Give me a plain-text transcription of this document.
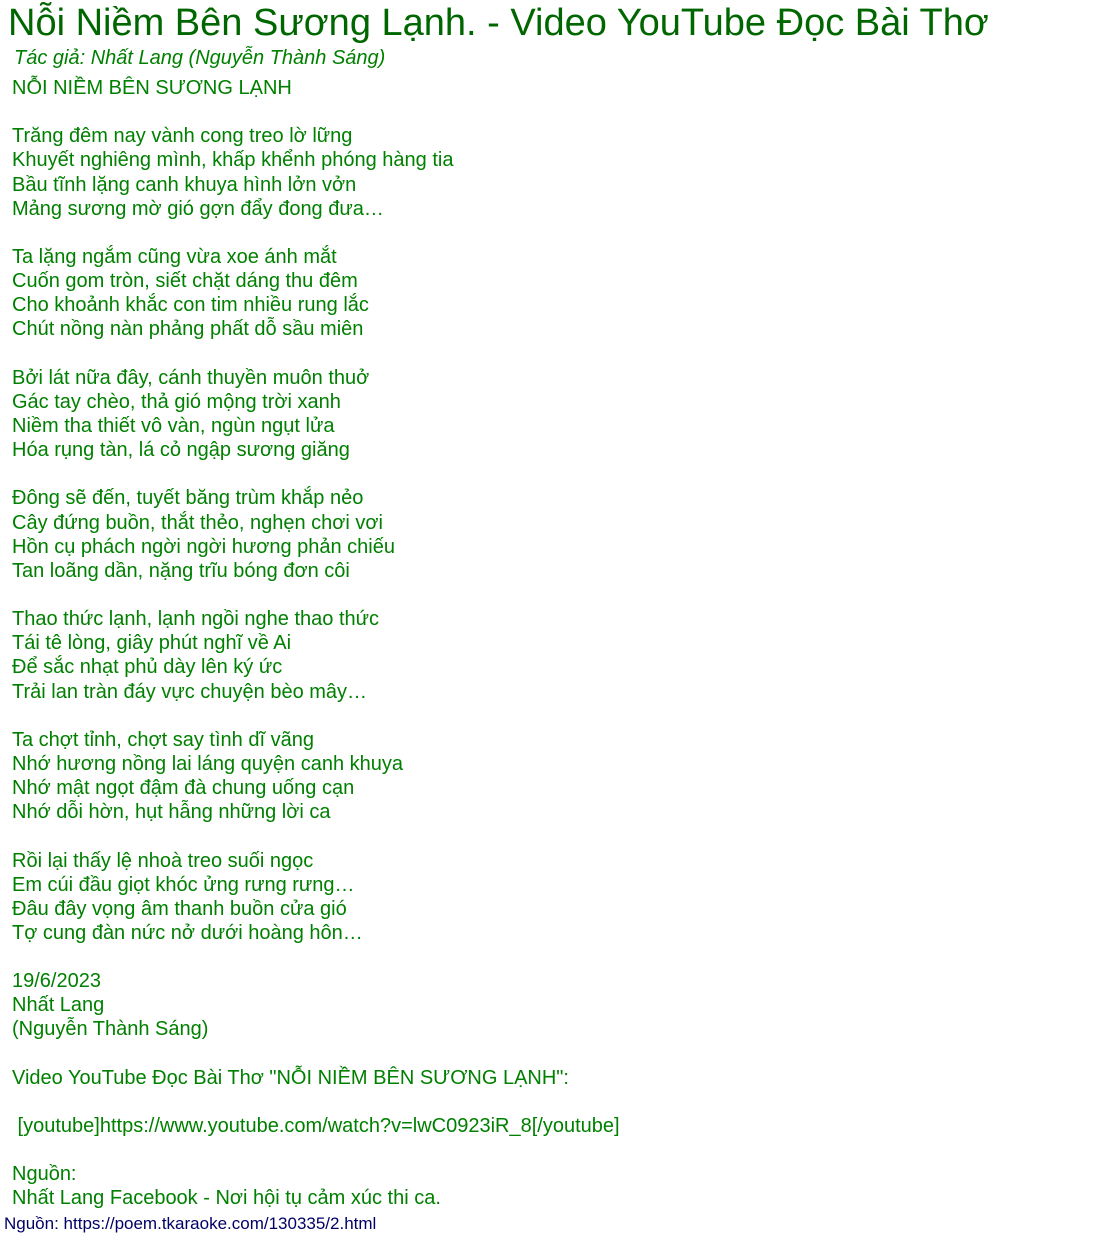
Nỗi Niềm Bên Sương Lạnh. - Video YouTube Đọc Bài Thơ
Tác giả: Nhất Lang (Nguyễn Thành Sáng)
NỖI NIỀM BÊN SƯƠNG LẠNH
Trăng đêm nay vành cong treo lờ lững
Khuyết nghiêng mình, khấp khểnh phóng hàng tia
Bầu tĩnh lặng canh khuya hình lởn vởn
Mảng sương mờ gió gợn đẩy đong đưa…
Ta lặng ngắm cũng vừa xoe ánh mắt
Cuốn gom tròn, siết chặt dáng thu đêm
Cho khoảnh khắc con tim nhiều rung lắc
Chút nồng nàn phảng phất dỗ sầu miên
Bởi lát nữa đây, cánh thuyền muôn thuở
Gác tay chèo, thả gió mộng trời xanh
Niềm tha thiết vô vàn, ngùn ngụt lửa
Hóa rụng tàn, lá cỏ ngập sương giăng
Đông sẽ đến, tuyết băng trùm khắp nẻo
Cây đứng buồn, thắt thẻo, nghẹn chơi vơi
Hồn cụ phách ngời ngời hương phản chiếu
Tan loãng dần, nặng trĩu bóng đơn côi
Thao thức lạnh, lạnh ngồi nghe thao thức
Tái tê lòng, giây phút nghĩ về Ai
Để sắc nhạt phủ dày lên ký ức
Trải lan tràn đáy vực chuyện bèo mây…
Ta chợt tỉnh, chợt say tình dĩ vãng
Nhớ hương nồng lai láng quyện canh khuya
Nhớ mật ngọt đậm đà chung uống cạn
Nhớ dỗi hờn, hụt hẫng những lời ca
Rồi lại thấy lệ nhoà treo suối ngọc
Em cúi đầu giọt khóc ửng rưng rưng…
Đâu đây vọng âm thanh buồn cửa gió
Tợ cung đàn nức nở dưới hoàng hôn…
19/6/2023
Nhất Lang
(Nguyễn Thành Sáng)
Video YouTube Đọc Bài Thơ "NỖI NIỀM BÊN SƯƠNG LẠNH":
[youtube]https://www.youtube.com/watch?v=lwC0923iR_8[/youtube]
Nguồn:
Nhất Lang Facebook - Nơi hội tụ cảm xúc thi ca.
Nguồn: https://poem.tkaraoke.com/130335/2.html
